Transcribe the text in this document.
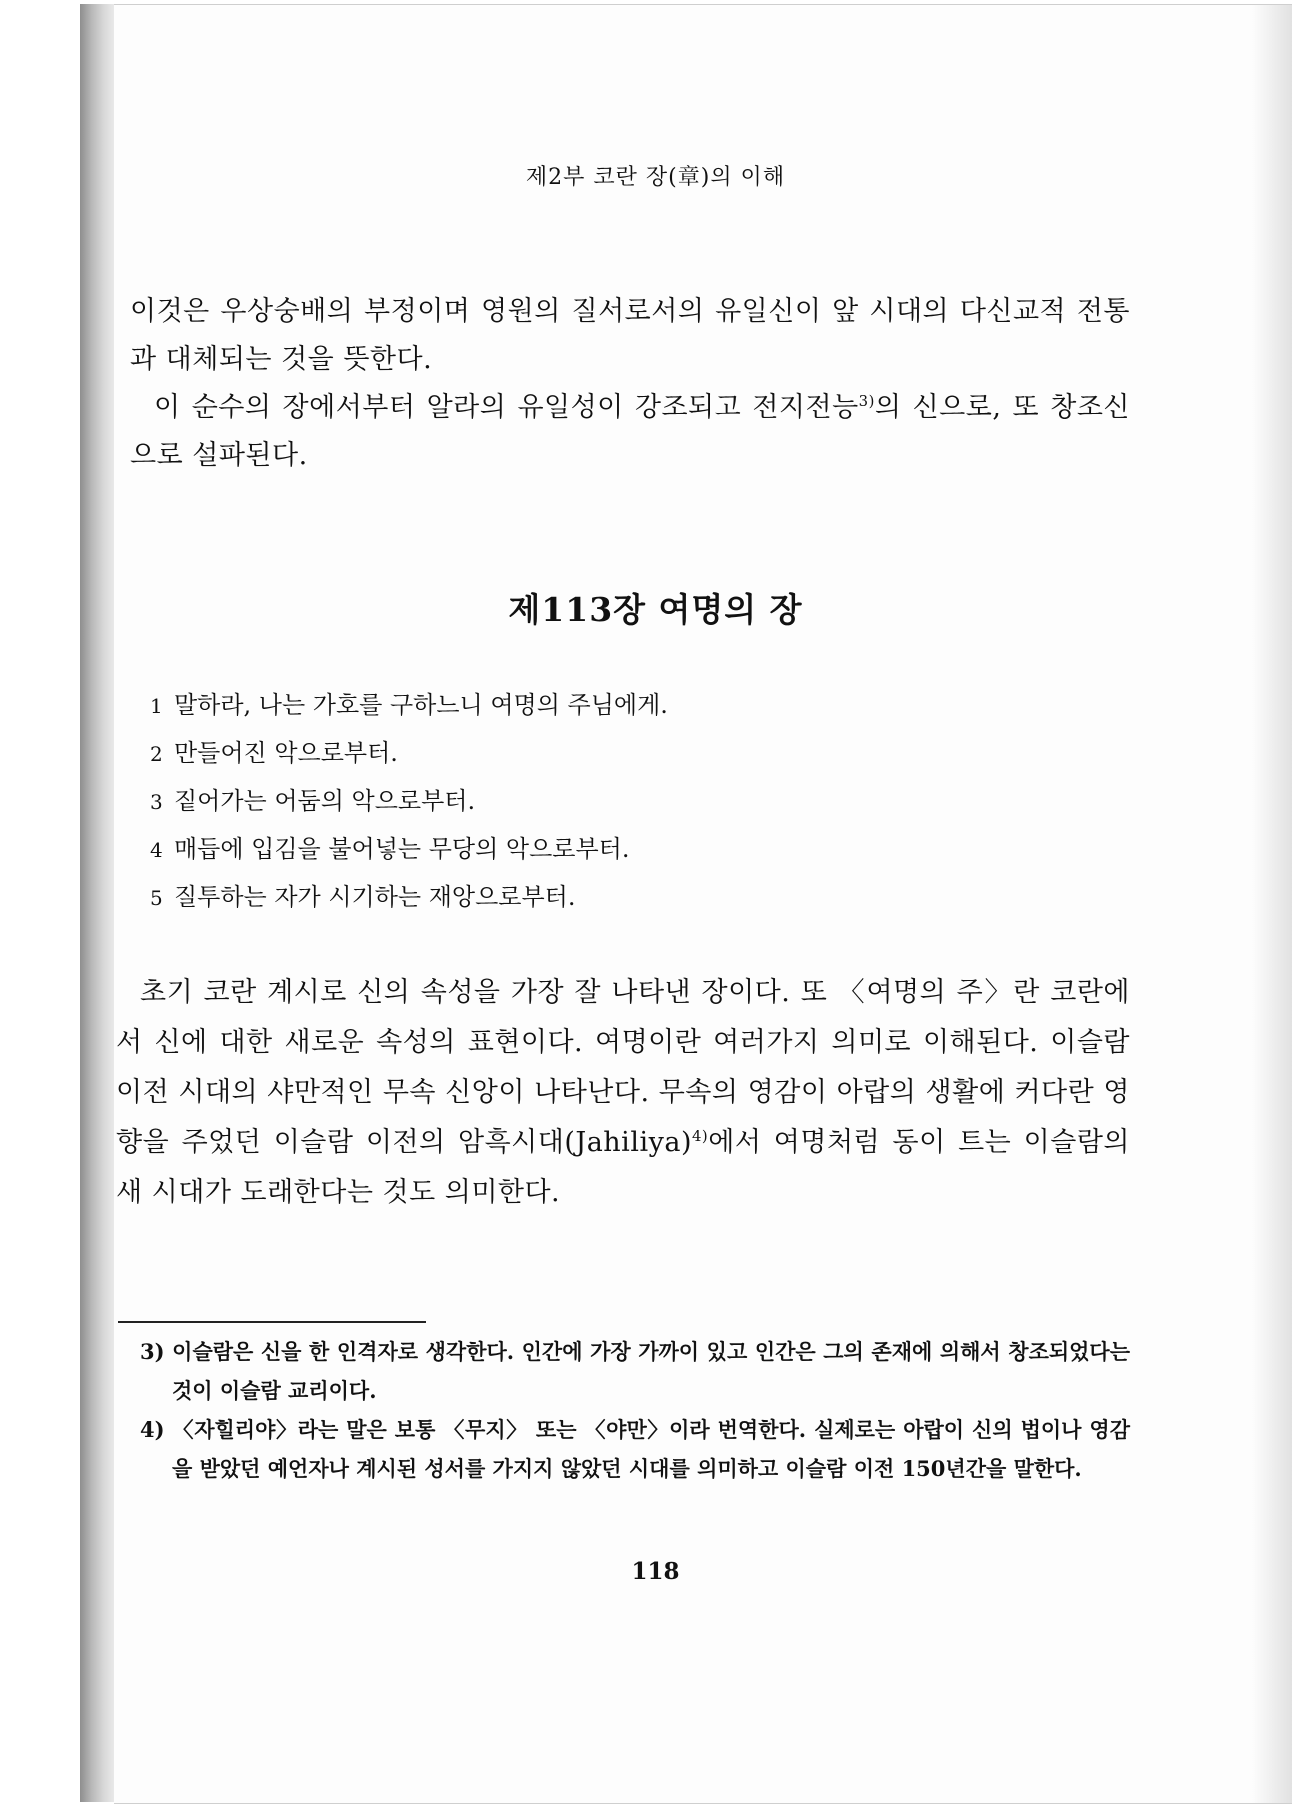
제2부 코란 장(章)의 이해
이것은 우상숭배의 부정이며 영원의 질서로서의 유일신이 앞 시대의 다신교적 전통과 대체되는 것을 뜻한다.
이 순수의 장에서부터 알라의 유일성이 강조되고 전지전능$^{3)}$의 신으로, 또 창조신으로 설파된다.
제113장 여명의 장
1 말하라, 나는 가호를 구하느니 여명의 주님에게.
2 만들어진 악으로부터.
3 짙어가는 어둠의 악으로부터.
4 매듭에 입김을 불어넣는 무당의 악으로부터.
5 질투하는 자가 시기하는 재앙으로부터.
초기 코란 계시로 신의 속성을 가장 잘 나타낸 장이다. 또 〈여명의 주〉란 코란에서 신에 대한 새로운 속성의 표현이다. 여명이란 여러가지 의미로 이해된다. 이슬람 이전 시대의 샤만적인 무속 신앙이 나타난다. 무속의 영감이 아랍의 생활에 커다란 영향을 주었던 이슬람 이전의 암흑시대(Jahiliya)$^{4)}$에서 여명처럼 동이 트는 이슬람의 새 시대가 도래한다는 것도 의미한다.
3) 이슬람은 신을 한 인격자로 생각한다. 인간에 가장 가까이 있고 인간은 그의 존재에 의해서 창조되었다는 것이 이슬람 교리이다.
4) 〈자힐리야〉라는 말은 보통 〈무지〉 또는 〈야만〉이라 번역한다. 실제로는 아랍이 신의 법이나 영감을 받았던 예언자나 계시된 성서를 가지지 않았던 시대를 의미하고 이슬람 이전 150년간을 말한다.
118
